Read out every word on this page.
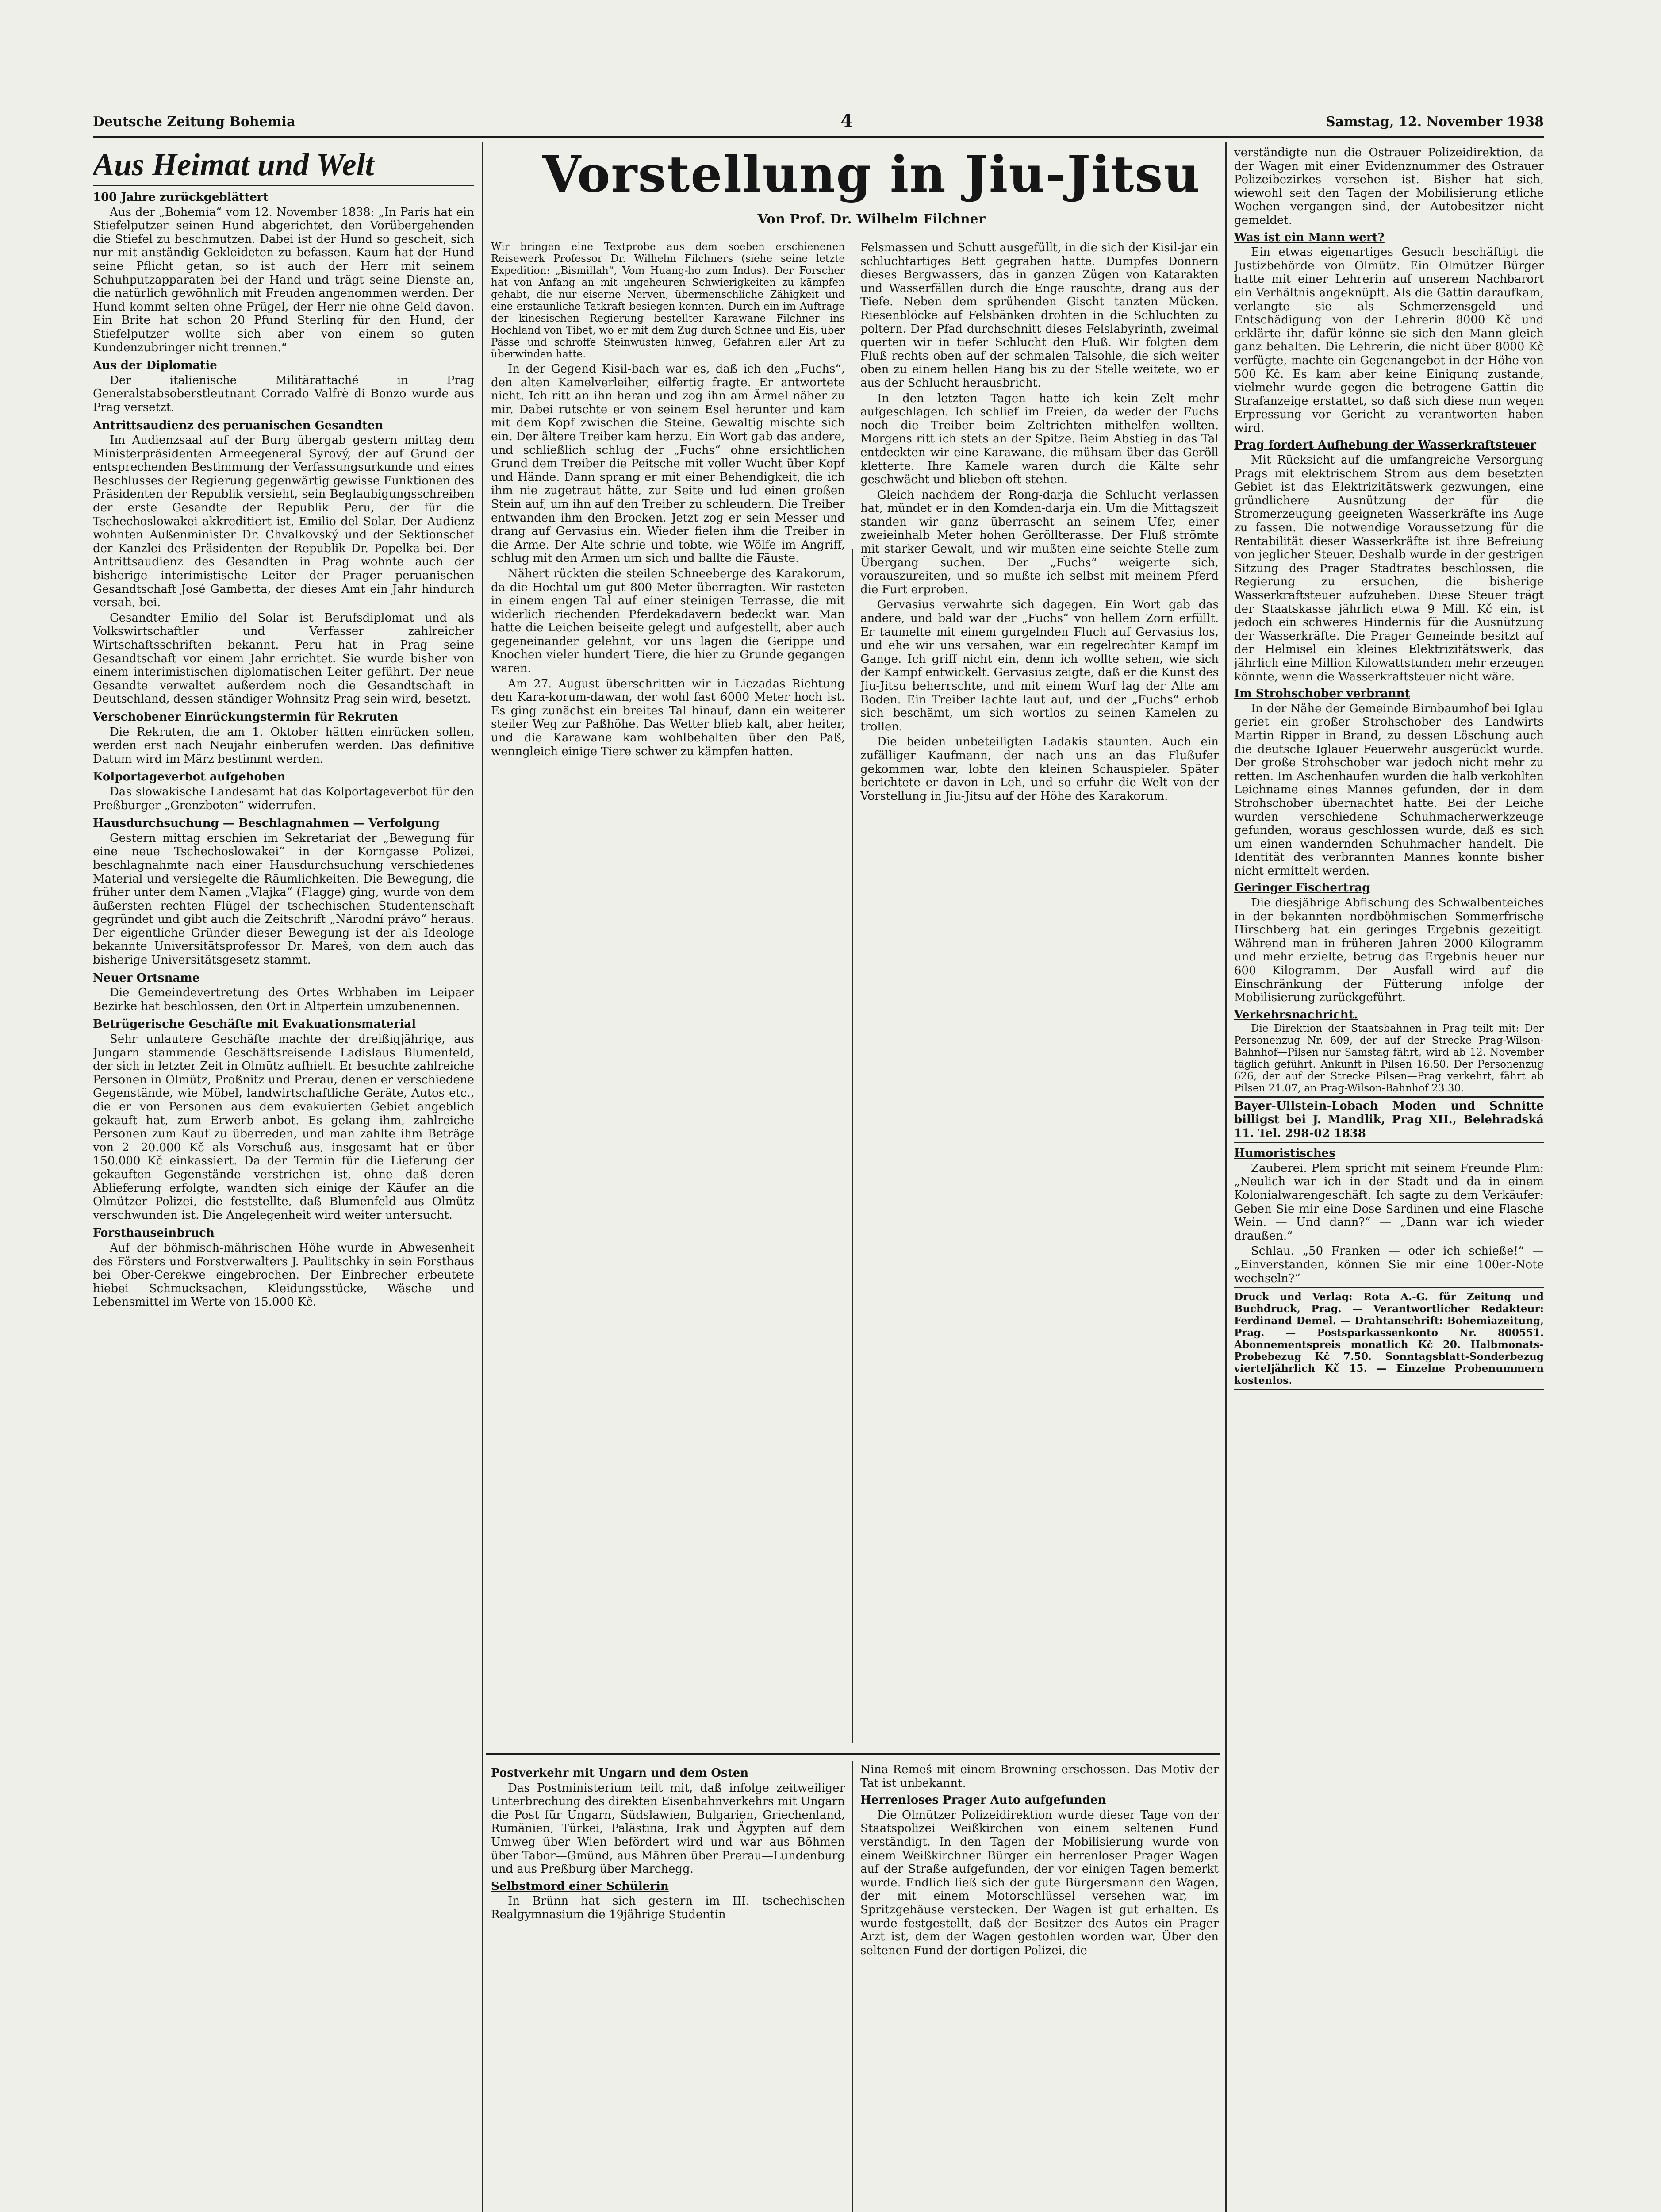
Deutsche Zeitung Bohemia	4	Samstag, 12. November 1938
Aus Heimat und Welt
100 Jahre zurückgeblättert

Aus der „Bohemia“ vom 12. November 1838: „In Paris hat ein Stiefelputzer seinen Hund abgerichtet, den Vorübergehenden die Stiefel zu beschmutzen. Dabei ist der Hund so gescheit, sich nur mit anständig Gekleideten zu befassen. Kaum hat der Hund seine Pflicht getan, so ist auch der Herr mit seinem Schuhputzapparaten bei der Hand und trägt seine Dienste an, die natürlich gewöhnlich mit Freuden angenommen werden. Der Hund kommt selten ohne Prügel, der Herr nie ohne Geld davon. Ein Brite hat schon 20 Pfund Sterling für den Hund, der Stiefelputzer wollte sich aber von einem so guten Kundenzubringer nicht trennen.“

Aus der Diplomatie

Der italienische Militärattaché in Prag Generalstabsoberstleutnant Corrado Valfrè di Bonzo wurde aus Prag versetzt.

Antrittsaudienz des peruanischen Gesandten

Im Audienzsaal auf der Burg übergab gestern mittag dem Ministerpräsidenten Armeegeneral Syrový, der auf Grund der entsprechenden Bestimmung der Verfassungsurkunde und eines Beschlusses der Regierung gegenwärtig gewisse Funktionen des Präsidenten der Republik versieht, sein Beglaubigungsschreiben der erste Gesandte der Republik Peru, der für die Tschechoslowakei akkreditiert ist, Emilio del Solar. Der Audienz wohnten Außenminister Dr. Chvalkovský und der Sektionschef der Kanzlei des Präsidenten der Republik Dr. Popelka bei. Der Antrittsaudienz des Gesandten in Prag wohnte auch der bisherige interimistische Leiter der Prager peruanischen Gesandtschaft José Gambetta, der dieses Amt ein Jahr hindurch versah, bei.

Gesandter Emilio del Solar ist Berufsdiplomat und als Volkswirtschaftler und Verfasser zahlreicher Wirtschaftsschriften bekannt. Peru hat in Prag seine Gesandtschaft vor einem Jahr errichtet. Sie wurde bisher von einem interimistischen diplomatischen Leiter geführt. Der neue Gesandte verwaltet außerdem noch die Gesandtschaft in Deutschland, dessen ständiger Wohnsitz Prag sein wird, besetzt.

Verschobener Einrückungstermin für Rekruten

Die Rekruten, die am 1. Oktober hätten einrücken sollen, werden erst nach Neujahr einberufen werden. Das definitive Datum wird im März bestimmt werden.

Kolportageverbot aufgehoben

Das slowakische Landesamt hat das Kolportageverbot für den Preßburger „Grenzboten“ widerrufen.

Hausdurchsuchung — Beschlagnahmen — Verfolgung

Gestern mittag erschien im Sekretariat der „Bewegung für eine neue Tschechoslowakei“ in der Korngasse Polizei, beschlagnahmte nach einer Hausdurchsuchung verschiedenes Material und versiegelte die Räumlichkeiten. Die Bewegung, die früher unter dem Namen „Vlajka“ (Flagge) ging, wurde von dem äußersten rechten Flügel der tschechischen Studentenschaft gegründet und gibt auch die Zeitschrift „Národní právo“ heraus. Der eigentliche Gründer dieser Bewegung ist der als Ideologe bekannte Universitätsprofessor Dr. Mareš, von dem auch das bisherige Universitätsgesetz stammt.

Neuer Ortsname

Die Gemeindevertretung des Ortes Wrbhaben im Leipaer Bezirke hat beschlossen, den Ort in Altpertein umzubenennen.

Betrügerische Geschäfte mit Evakuationsmaterial

Sehr unlautere Geschäfte machte der dreißigjährige, aus Jungarn stammende Geschäftsreisende Ladislaus Blumenfeld, der sich in letzter Zeit in Olmütz aufhielt. Er besuchte zahlreiche Personen in Olmütz, Proßnitz und Prerau, denen er verschiedene Gegenstände, wie Möbel, landwirtschaftliche Geräte, Autos etc., die er von Personen aus dem evakuierten Gebiet angeblich gekauft hat, zum Erwerb anbot. Es gelang ihm, zahlreiche Personen zum Kauf zu überreden, und man zahlte ihm Beträge von 2—20.000 Kč als Vorschuß aus, insgesamt hat er über 150.000 Kč einkassiert. Da der Termin für die Lieferung der gekauften Gegenstände verstrichen ist, ohne daß deren Ablieferung erfolgte, wandten sich einige der Käufer an die Olmützer Polizei, die feststellte, daß Blumenfeld aus Olmütz verschwunden ist. Die Angelegenheit wird weiter untersucht.

Forsthauseinbruch

Auf der böhmisch-mährischen Höhe wurde in Abwesenheit des Försters und Forstverwalters J. Paulitschky in sein Forsthaus bei Ober-Cerekwe eingebrochen. Der Einbrecher erbeutete hiebei Schmucksachen, Kleidungsstücke, Wäsche und Lebensmittel im Werte von 15.000 Kč.

Vorstellung in Jiu-Jitsu
Von Prof. Dr. Wilhelm Filchner

Wir bringen eine Textprobe aus dem soeben erschienenen Reisewerk Professor Dr. Wilhelm Filchners (siehe seine letzte Expedition: „Bismillah“, Vom Huang-ho zum Indus). Der Forscher hat von Anfang an mit ungeheuren Schwierigkeiten zu kämpfen gehabt, die nur eiserne Nerven, übermenschliche Zähigkeit und eine erstaunliche Tatkraft besiegen konnten. Durch ein im Auftrage der kinesischen Regierung bestellter Karawane Filchner ins Hochland von Tibet, wo er mit dem Zug durch Schnee und Eis, über Pässe und schroffe Steinwüsten hinweg, Gefahren aller Art zu überwinden hatte.

In der Gegend Kisil-bach war es, daß ich den „Fuchs“, den alten Kamelverleiher, eilfertig fragte. Er antwortete nicht. Ich ritt an ihn heran und zog ihn am Ärmel näher zu mir. Dabei rutschte er von seinem Esel herunter und kam mit dem Kopf zwischen die Steine. Gewaltig mischte sich ein. Der ältere Treiber kam herzu. Ein Wort gab das andere, und schließlich schlug der „Fuchs“ ohne ersichtlichen Grund dem Treiber die Peitsche mit voller Wucht über Kopf und Hände. Dann sprang er mit einer Behendigkeit, die ich ihm nie zugetraut hätte, zur Seite und lud einen großen Stein auf, um ihn auf den Treiber zu schleudern. Die Treiber entwanden ihm den Brocken. Jetzt zog er sein Messer und drang auf Gervasius ein. Wieder fielen ihm die Treiber in die Arme. Der Alte schrie und tobte, wie Wölfe im Angriff, schlug mit den Armen um sich und ballte die Fäuste.

Nähert rückten die steilen Schneeberge des Karakorum, da die Hochtal um gut 800 Meter überragten. Wir rasteten in einem engen Tal auf einer steinigen Terrasse, die mit widerlich riechenden Pferdekadavern bedeckt war. Man hatte die Leichen beiseite gelegt und aufgestellt, aber auch gegeneinander gelehnt, vor uns lagen die Gerippe und Knochen vieler hundert Tiere, die hier zu Grunde gegangen waren.

Am 27. August überschritten wir in Liczadas Richtung den Kara-korum-dawan, der wohl fast 6000 Meter hoch ist. Es ging zunächst ein breites Tal hinauf, dann ein weiterer steiler Weg zur Paßhöhe. Das Wetter blieb kalt, aber heiter, und die Karawane kam wohlbehalten über den Paß, wenngleich einige Tiere schwer zu kämpfen hatten.

Felsmassen und Schutt ausgefüllt, in die sich der Kisil-jar ein schluchtartiges Bett gegraben hatte. Dumpfes Donnern dieses Bergwassers, das in ganzen Zügen von Katarakten und Wasserfällen durch die Enge rauschte, drang aus der Tiefe. Neben dem sprühenden Gischt tanzten Mücken. Riesenblöcke auf Felsbänken drohten in die Schluchten zu poltern. Der Pfad durchschnitt dieses Felslabyrinth, zweimal querten wir in tiefer Schlucht den Fluß. Wir folgten dem Fluß rechts oben auf der schmalen Talsohle, die sich weiter oben zu einem hellen Hang bis zu der Stelle weitete, wo er aus der Schlucht herausbricht.

In den letzten Tagen hatte ich kein Zelt mehr aufgeschlagen. Ich schlief im Freien, da weder der Fuchs noch die Treiber beim Zeltrichten mithelfen wollten. Morgens ritt ich stets an der Spitze. Beim Abstieg in das Tal entdeckten wir eine Karawane, die mühsam über das Geröll kletterte. Ihre Kamele waren durch die Kälte sehr geschwächt und blieben oft stehen.

Gleich nachdem der Rong-darja die Schlucht verlassen hat, mündet er in den Komden-darja ein. Um die Mittagszeit standen wir ganz überrascht an seinem Ufer, einer zweieinhalb Meter hohen Geröllterasse. Der Fluß strömte mit starker Gewalt, und wir mußten eine seichte Stelle zum Übergang suchen. Der „Fuchs“ weigerte sich, vorauszureiten, und so mußte ich selbst mit meinem Pferd die Furt erproben.

Gervasius verwahrte sich dagegen. Ein Wort gab das andere, und bald war der „Fuchs“ von hellem Zorn erfüllt. Er taumelte mit einem gurgelnden Fluch auf Gervasius los, und ehe wir uns versahen, war ein regelrechter Kampf im Gange. Ich griff nicht ein, denn ich wollte sehen, wie sich der Kampf entwickelt. Gervasius zeigte, daß er die Kunst des Jiu-Jitsu beherrschte, und mit einem Wurf lag der Alte am Boden. Ein Treiber lachte laut auf, und der „Fuchs“ erhob sich beschämt, um sich wortlos zu seinen Kamelen zu trollen.

Die beiden unbeteiligten Ladakis staunten. Auch ein zufälliger Kaufmann, der nach uns an das Flußufer gekommen war, lobte den kleinen Schauspieler. Später berichtete er davon in Leh, und so erfuhr die Welt von der Vorstellung in Jiu-Jitsu auf der Höhe des Karakorum.

Postverkehr mit Ungarn und dem Osten

Das Postministerium teilt mit, daß infolge zeitweiliger Unterbrechung des direkten Eisenbahnverkehrs mit Ungarn die Post für Ungarn, Südslawien, Bulgarien, Griechenland, Rumänien, Türkei, Palästina, Irak und Ägypten auf dem Umweg über Wien befördert wird und war aus Böhmen über Tabor—Gmünd, aus Mähren über Prerau—Lundenburg und aus Preßburg über Marchegg.

Selbstmord einer Schülerin

In Brünn hat sich gestern im III. tschechischen Realgymnasium die 19jährige Studentin

Nina Remeš mit einem Browning erschossen. Das Motiv der Tat ist unbekannt.

Herrenloses Prager Auto aufgefunden

Die Olmützer Polizeidirektion wurde dieser Tage von der Staatspolizei Weißkirchen von einem seltenen Fund verständigt. In den Tagen der Mobilisierung wurde von einem Weißkirchner Bürger ein herrenloser Prager Wagen auf der Straße aufgefunden, der vor einigen Tagen bemerkt wurde. Endlich ließ sich der gute Bürgersmann den Wagen, der mit einem Motorschlüssel versehen war, im Spritzgehäuse verstecken. Der Wagen ist gut erhalten. Es wurde festgestellt, daß der Besitzer des Autos ein Prager Arzt ist, dem der Wagen gestohlen worden war. Über den seltenen Fund der dortigen Polizei, die

verständigte nun die Ostrauer Polizeidirektion, da der Wagen mit einer Evidenznummer des Ostrauer Polizeibezirkes versehen ist. Bisher hat sich, wiewohl seit den Tagen der Mobilisierung etliche Wochen vergangen sind, der Autobesitzer nicht gemeldet.

Was ist ein Mann wert?

Ein etwas eigenartiges Gesuch beschäftigt die Justizbehörde von Olmütz. Ein Olmützer Bürger hatte mit einer Lehrerin auf unserem Nachbarort ein Verhältnis angeknüpft. Als die Gattin daraufkam, verlangte sie als Schmerzensgeld und Entschädigung von der Lehrerin 8000 Kč und erklärte ihr, dafür könne sie sich den Mann gleich ganz behalten. Die Lehrerin, die nicht über 8000 Kč verfügte, machte ein Gegenangebot in der Höhe von 500 Kč. Es kam aber keine Einigung zustande, vielmehr wurde gegen die betrogene Gattin die Strafanzeige erstattet, so daß sich diese nun wegen Erpressung vor Gericht zu verantworten haben wird.

Prag fordert Aufhebung der Wasserkraftsteuer

Mit Rücksicht auf die umfangreiche Versorgung Prags mit elektrischem Strom aus dem besetzten Gebiet ist das Elektrizitätswerk gezwungen, eine gründlichere Ausnützung der für die Stromerzeugung geeigneten Wasserkräfte ins Auge zu fassen. Die notwendige Voraussetzung für die Rentabilität dieser Wasserkräfte ist ihre Befreiung von jeglicher Steuer. Deshalb wurde in der gestrigen Sitzung des Prager Stadtrates beschlossen, die Regierung zu ersuchen, die bisherige Wasserkraftsteuer aufzuheben. Diese Steuer trägt der Staatskasse jährlich etwa 9 Mill. Kč ein, ist jedoch ein schweres Hindernis für die Ausnützung der Wasserkräfte. Die Prager Gemeinde besitzt auf der Helmisel ein kleines Elektrizitätswerk, das jährlich eine Million Kilowattstunden mehr erzeugen könnte, wenn die Wasserkraftsteuer nicht wäre.

Im Strohschober verbrannt

In der Nähe der Gemeinde Birnbaumhof bei Iglau geriet ein großer Strohschober des Landwirts Martin Ripper in Brand, zu dessen Löschung auch die deutsche Iglauer Feuerwehr ausgerückt wurde. Der große Strohschober war jedoch nicht mehr zu retten. Im Aschenhaufen wurden die halb verkohlten Leichname eines Mannes gefunden, der in dem Strohschober übernachtet hatte. Bei der Leiche wurden verschiedene Schuhmacherwerkzeuge gefunden, woraus geschlossen wurde, daß es sich um einen wandernden Schuhmacher handelt. Die Identität des verbrannten Mannes konnte bisher nicht ermittelt werden.

Geringer Fischertrag

Die diesjährige Abfischung des Schwalbenteiches in der bekannten nordböhmischen Sommerfrische Hirschberg hat ein geringes Ergebnis gezeitigt. Während man in früheren Jahren 2000 Kilogramm und mehr erzielte, betrug das Ergebnis heuer nur 600 Kilogramm. Der Ausfall wird auf die Einschränkung der Fütterung infolge der Mobilisierung zurückgeführt.

Verkehrsnachricht.

Die Direktion der Staatsbahnen in Prag teilt mit: Der Personenzug Nr. 609, der auf der Strecke Prag-Wilson-Bahnhof—Pilsen nur Samstag fährt, wird ab 12. November täglich geführt. Ankunft in Pilsen 16.50. Der Personenzug 626, der auf der Strecke Pilsen—Prag verkehrt, fährt ab Pilsen 21.07, an Prag-Wilson-Bahnhof 23.30.

Bayer-Ullstein-Lobach Moden und Schnitte billigst bei J. Mandlik, Prag XII., Belehradská 11. Tel. 298-02 1838

Humoristisches

Zauberei. Plem spricht mit seinem Freunde Plim: „Neulich war ich in der Stadt und da in einem Kolonialwarengeschäft. Ich sagte zu dem Verkäufer: Geben Sie mir eine Dose Sardinen und eine Flasche Wein. — Und dann?“ — „Dann war ich wieder draußen.“

Schlau. „50 Franken — oder ich schieße!“ — „Einverstanden, können Sie mir eine 100er-Note wechseln?“

Druck und Verlag: Rota A.-G. für Zeitung und Buchdruck, Prag. — Verantwortlicher Redakteur: Ferdinand Demel. — Drahtanschrift: Bohemiazeitung, Prag. — Postsparkassenkonto Nr. 800551. Abonnementspreis monatlich Kč 20. Halbmonats-Probebezug Kč 7.50. Sonntagsblatt-Sonderbezug vierteljährlich Kč 15. — Einzelne Probenummern kostenlos.
